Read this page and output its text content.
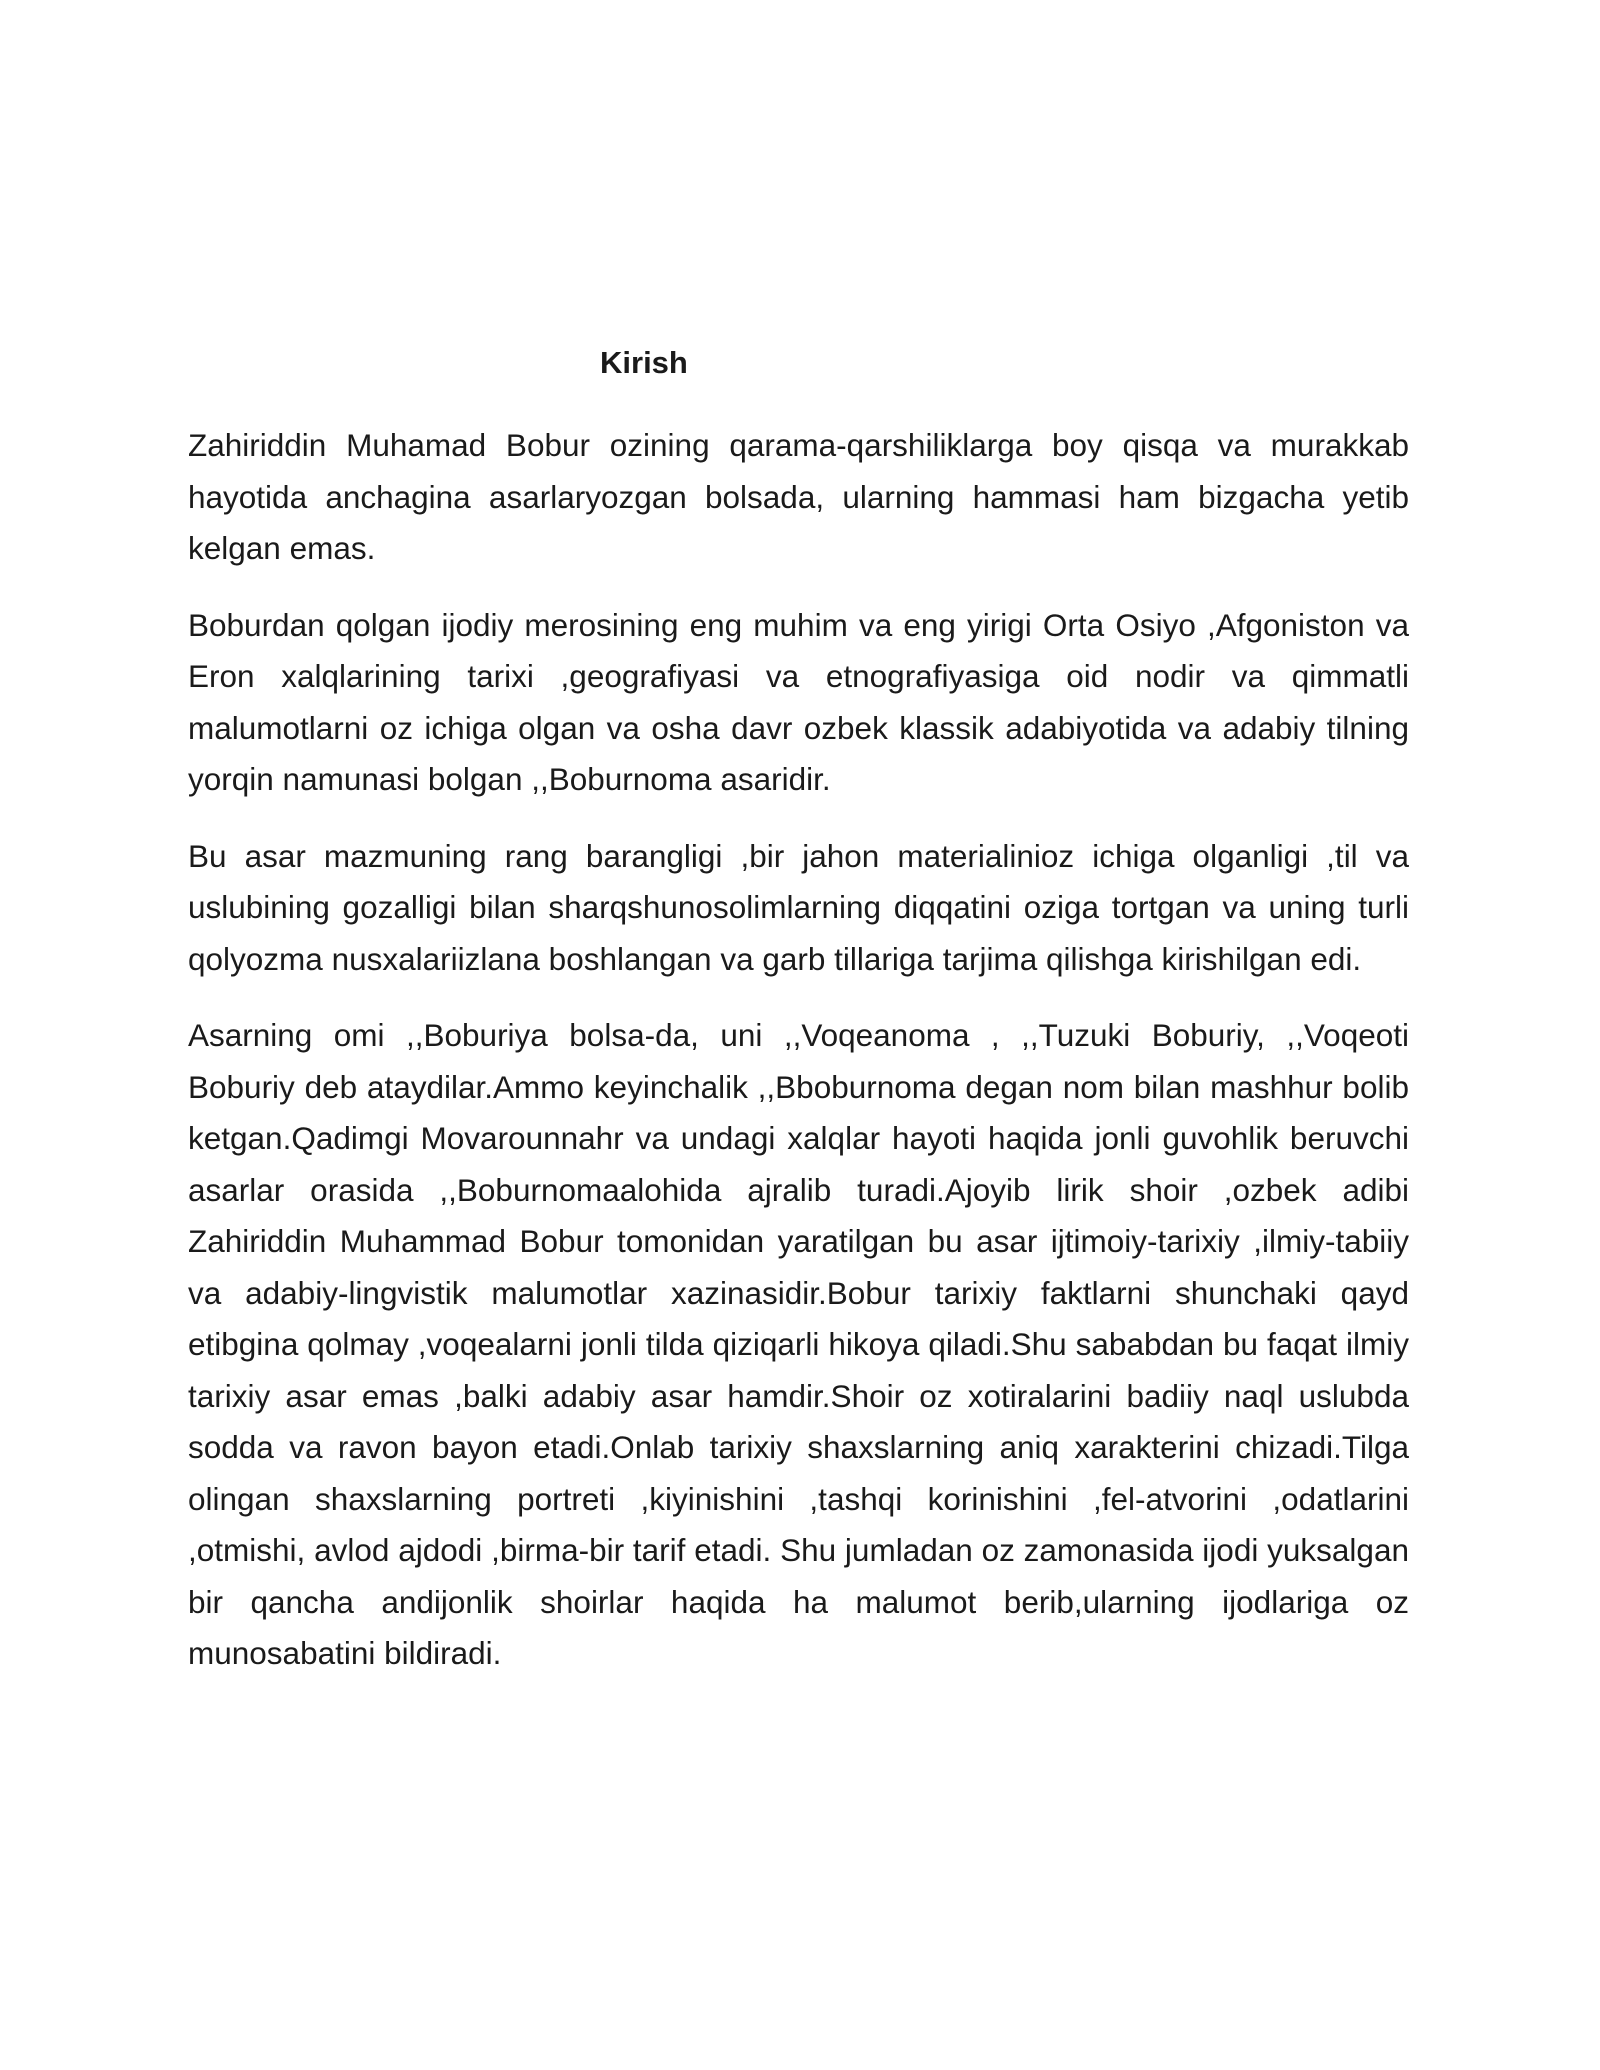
Kirish

Zahiriddin Muhamad Bobur ozining qarama-qarshiliklarga boy qisqa va murakkab hayotida anchagina asarlaryozgan bolsada, ularning hammasi ham bizgacha yetib kelgan emas.

Boburdan qolgan ijodiy merosining eng muhim va eng yirigi Orta Osiyo ,Afgoniston va Eron xalqlarining tarixi ,geografiyasi va etnografiyasiga oid nodir va qimmatli malumotlarni oz ichiga olgan va osha davr ozbek klassik adabiyotida va adabiy tilning yorqin namunasi bolgan ,,Boburnoma asaridir.

Bu asar mazmuning rang barangligi ,bir jahon materialinioz ichiga olganligi ,til va uslubining gozalligi bilan sharqshunosolimlarning diqqatini oziga tortgan va uning turli qolyozma nusxalariizlana boshlangan va garb tillariga tarjima qilishga kirishilgan edi.

Asarning omi ,,Boburiya bolsa-da, uni ,,Voqeanoma , ,,Tuzuki Boburiy, ,,Voqeoti Boburiy deb ataydilar.Ammo keyinchalik ,,Bboburnoma degan nom bilan mashhur bolib ketgan.Qadimgi Movarounnahr va undagi xalqlar hayoti haqida jonli guvohlik beruvchi asarlar orasida ,,Boburnomaalohida ajralib turadi.Ajoyib lirik shoir ,ozbek adibi Zahiriddin Muhammad Bobur tomonidan yaratilgan bu asar ijtimoiy-tarixiy ,ilmiy-tabiiy va adabiy-lingvistik malumotlar xazinasidir.Bobur tarixiy faktlarni shunchaki qayd etibgina qolmay ,voqealarni jonli tilda qiziqarli hikoya qiladi.Shu sababdan bu faqat ilmiy tarixiy asar emas ,balki adabiy asar hamdir.Shoir oz xotiralarini badiiy naql uslubda sodda va ravon bayon etadi.Onlab tarixiy shaxslarning aniq xarakterini chizadi.Tilga olingan shaxslarning portreti ,kiyinishini ,tashqi korinishini ,fel-atvorini ,odatlarini ,otmishi, avlod ajdodi ,birma-bir tarif etadi. Shu jumladan oz zamonasida ijodi yuksalgan bir qancha andijonlik shoirlar haqida ha malumot berib,ularning ijodlariga oz munosabatini bildiradi.
